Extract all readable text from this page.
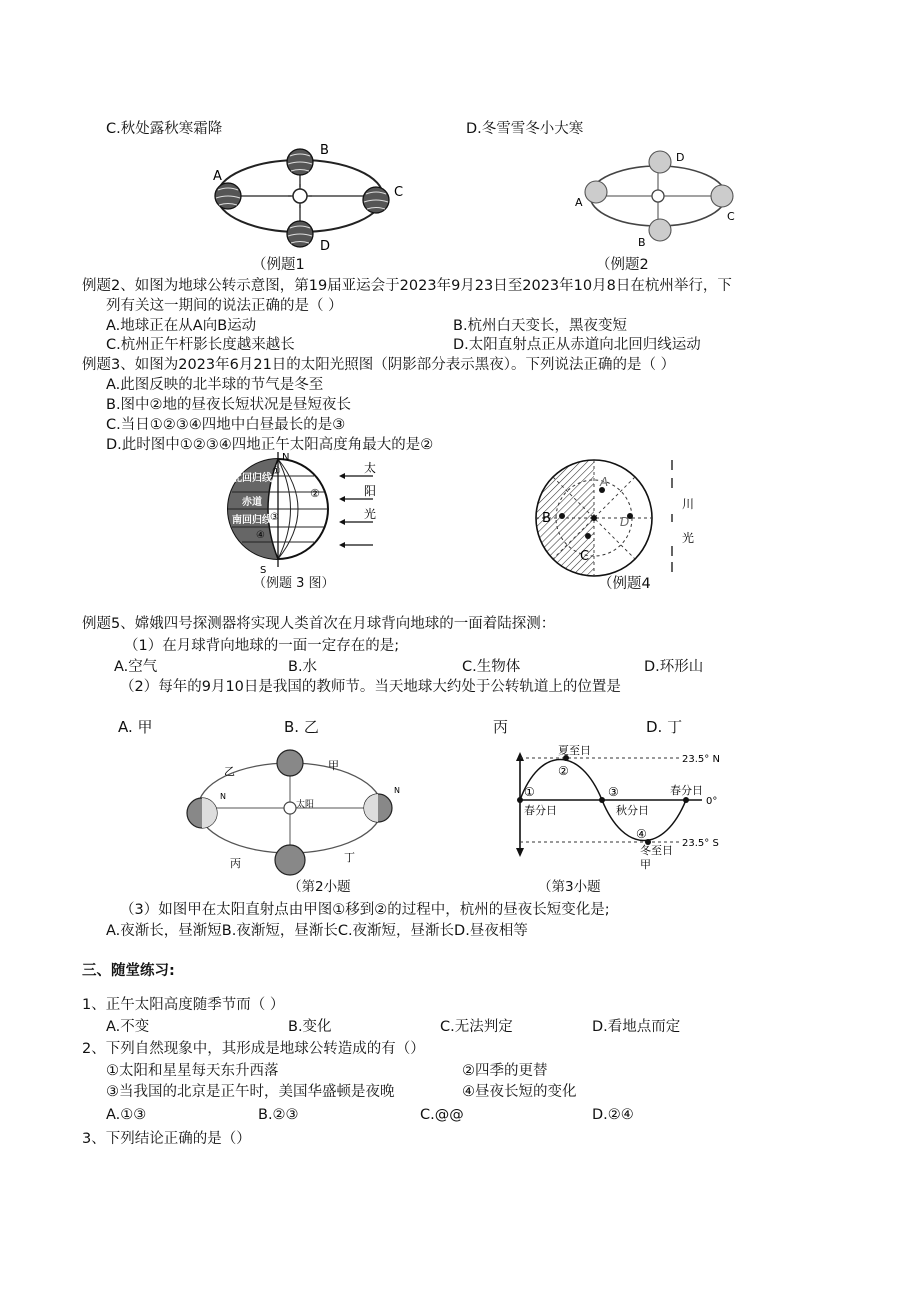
C.秋处露秋寒霜降	D.冬雪雪冬小大寒
A
B
C
D
（例题1
A
D
C
B
（例题2
例题2、如图为地球公转示意图，第19届亚运会于2023年9月23日至2023年10月8日在杭州举行，下
列有关这一期间的说法正确的是（ ）
A.地球正在从A向B运动	B.杭州白天变长，黑夜变短
C.杭州正午杆影长度越来越长	D.太阳直射点正从赤道向北回归线运动
例题3、如图为2023年6月21日的太阳光照图（阴影部分表示黑夜）。下列说法正确的是（ ）
A.此图反映的北半球的节气是冬至
B.图中②地的昼夜长短状况是昼短夜长
C.当日①②③④四地中白昼最长的是③
D.此时图中①②③④四地正午太阳高度角最大的是②
N
S
北回归线
赤道
南回归线
①
②
③
④
太
阳
光
（例题 3 图）
A
B
C
D
川
光
（例题4
例题5、嫦娥四号探测器将实现人类首次在月球背向地球的一面着陆探测：
（1）在月球背向地球的一面一定存在的是;
A.空气	B.水	C.生物体	D.环形山
（2）每年的9月10日是我国的教师节。当天地球大约处于公转轨道上的位置是
A. 甲	B. 乙	丙	D. 丁
太阳
乙	甲
丙	丁
N
N
（第2小题
夏至日
②
①
春分日
③
秋分日
春分日
④
冬至日
甲
23.5° N
0°
23.5° S
（第3小题
（3）如图甲在太阳直射点由甲图①移到②的过程中，杭州的昼夜长短变化是;
A.夜渐长，昼渐短B.夜渐短，昼渐长C.夜渐短，昼渐长D.昼夜相等
三、随堂练习:
1、正午太阳高度随季节而（ ）
A.不变	B.变化	C.无法判定	D.看地点而定
2、下列自然现象中，其形成是地球公转造成的有（）
①太阳和星星每天东升西落	②四季的更替
③当我国的北京是正午时，美国华盛顿是夜晚	④昼夜长短的变化
A.①③	B.②③	C.@@	D.②④
3、下列结论正确的是（）
